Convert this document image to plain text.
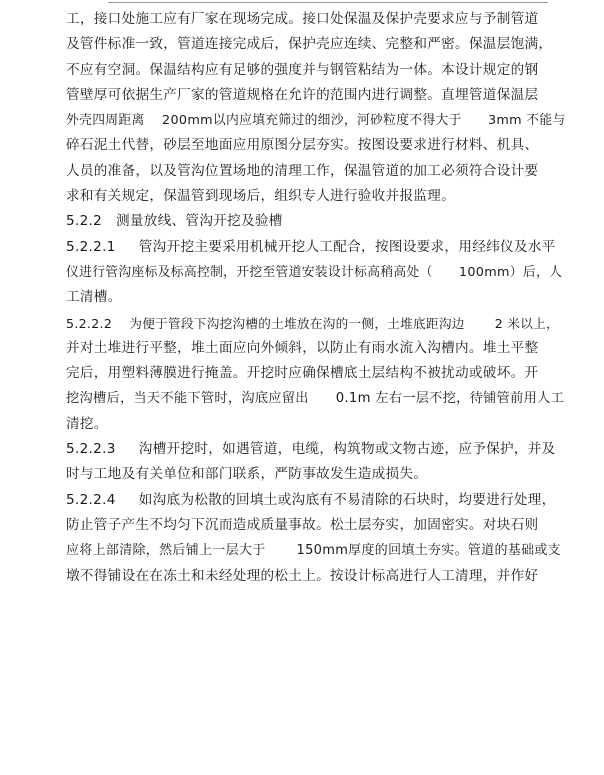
工，接口处施工应有厂家在现场完成。接口处保温及保护壳要求应与予制管道
及管件标准一致，管道连接完成后，保护壳应连续、完整和严密。保温层饱满，
不应有空洞。保温结构应有足够的强度并与钢管粘结为一体。本设计规定的钢
管壁厚可依据生产厂家的管道规格在允许的范围内进行调整。直埋管道保温层
外壳四周距离    200mm以内应填充筛过的细沙，河砂粒度不得大于      3mm 不能与
碎石泥土代替，砂层至地面应用原图分层夯实。按图设要求进行材料、机具、
人员的准备，以及管沟位置场地的清理工作，保温管道的加工必须符合设计要
求和有关规定，保温管到现场后，组织专人进行验收并报监理。
5.2.2   测量放线、管沟开挖及验槽
5.2.2.1     管沟开挖主要采用机械开挖人工配合，按图设要求，用经纬仪及水平
仪进行管沟座标及标高控制，开挖至管道安装设计标高稍高处（      100mm）后，人
工清槽。
5.2.2.2    为便于管段下沟挖沟槽的土堆放在沟的一侧，土堆底距沟边       2 米以上，
并对土堆进行平整，堆土面应向外倾斜，以防止有雨水流入沟槽内。堆土平整
完后，用塑料薄膜进行掩盖。开挖时应确保槽底土层结构不被扰动或破坏。开
挖沟槽后，当天不能下管时，沟底应留出      0.1m 左右一层不挖，待铺管前用人工
清挖。
5.2.2.3     沟槽开挖时，如遇管道，电缆，构筑物或文物古迹，应予保护，并及
时与工地及有关单位和部门联系，严防事故发生造成损失。
5.2.2.4     如沟底为松散的回填土或沟底有不易清除的石块时，均要进行处理，
防止管子产生不均匀下沉而造成质量事故。松土层夯实，加固密实。对块石则
应将上部清除，然后铺上一层大于       150mm厚度的回填土夯实。管道的基础或支
墩不得铺设在在冻土和未经处理的松土上。按设计标高进行人工清理，并作好
